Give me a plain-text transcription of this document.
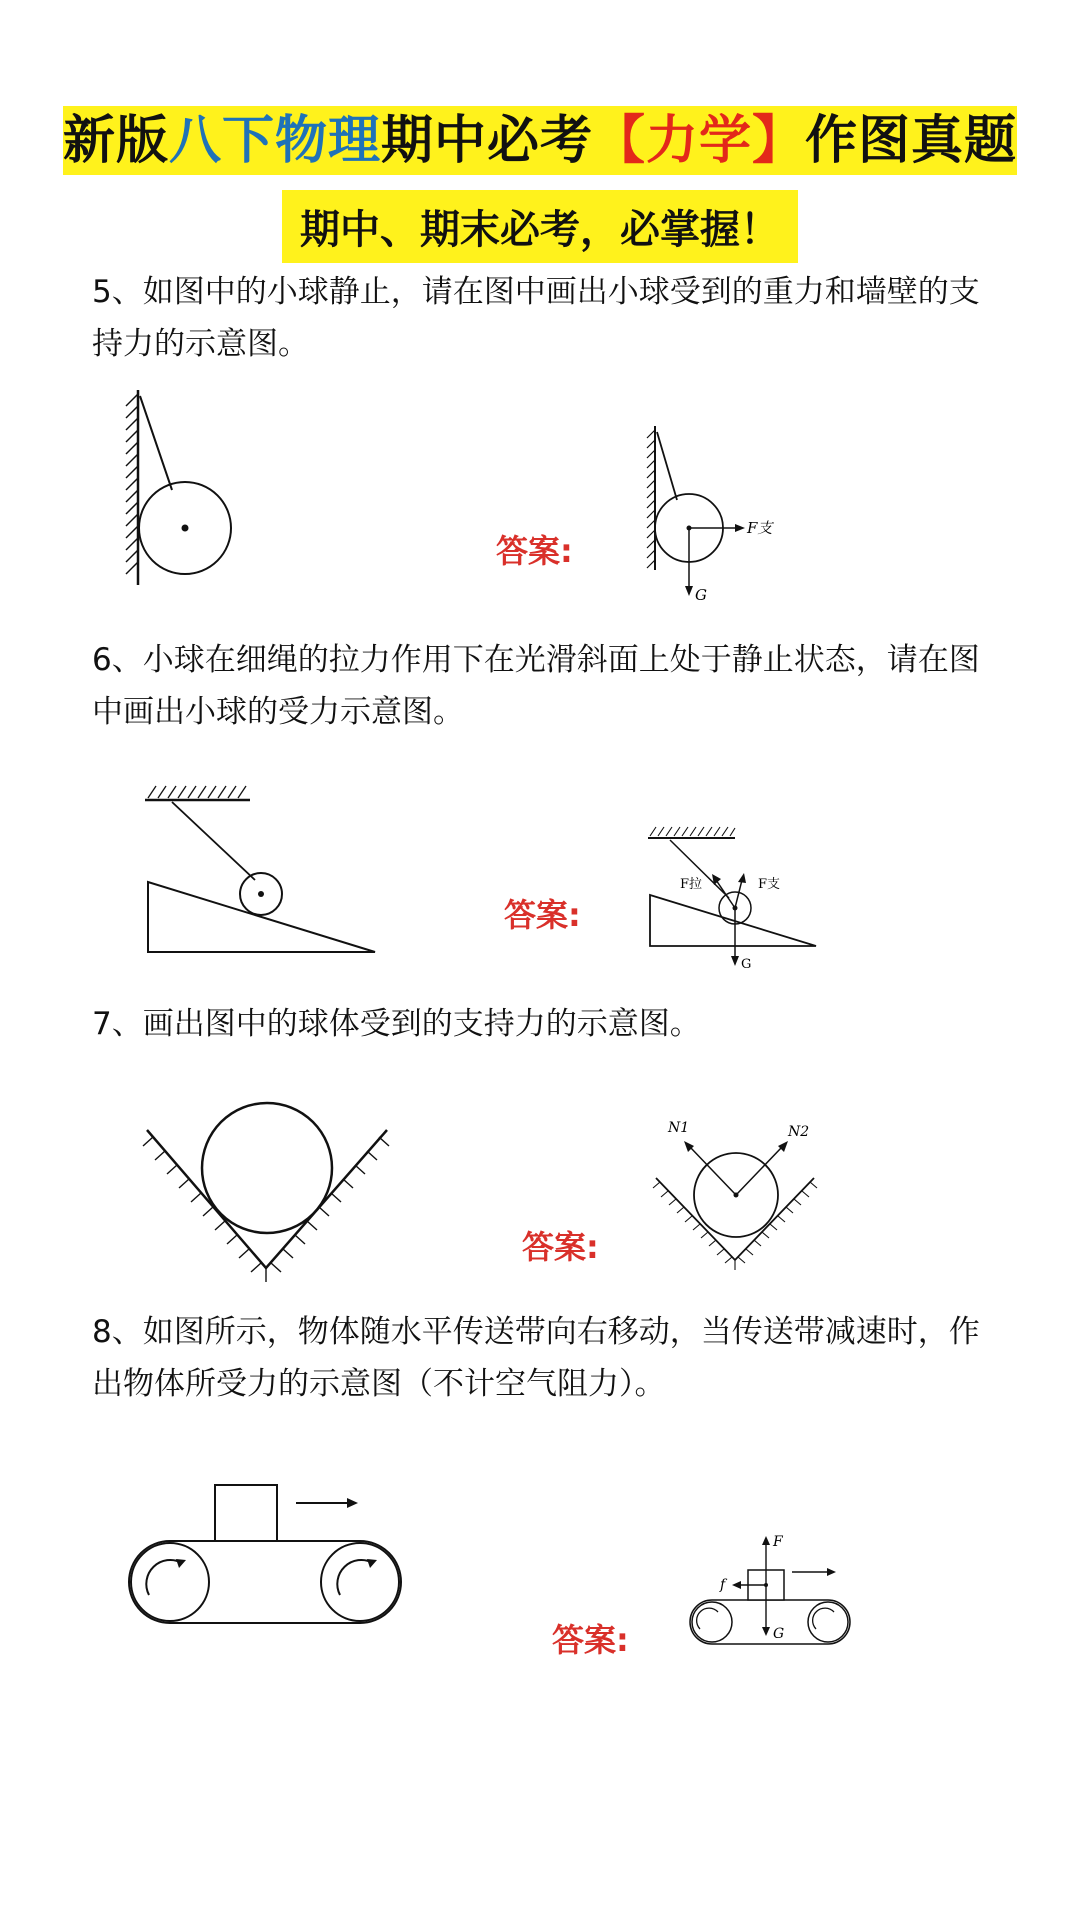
新版八下物理期中必考【力学】作图真题
期中、期末必考，必掌握！
5、如图中的小球静止，请在图中画出小球受到的重力和墙壁的支持力的示意图。
答案:
F支
G
6、小球在细绳的拉力作用下在光滑斜面上处于静止状态，请在图中画出小球的受力示意图。
答案:
F拉	F支
G
7、画出图中的球体受到的支持力的示意图。
答案:
N1	N2
8、如图所示，物体随水平传送带向右移动，当传送带减速时，作出物体所受力的示意图（不计空气阻力）。
答案:
F
f
G
